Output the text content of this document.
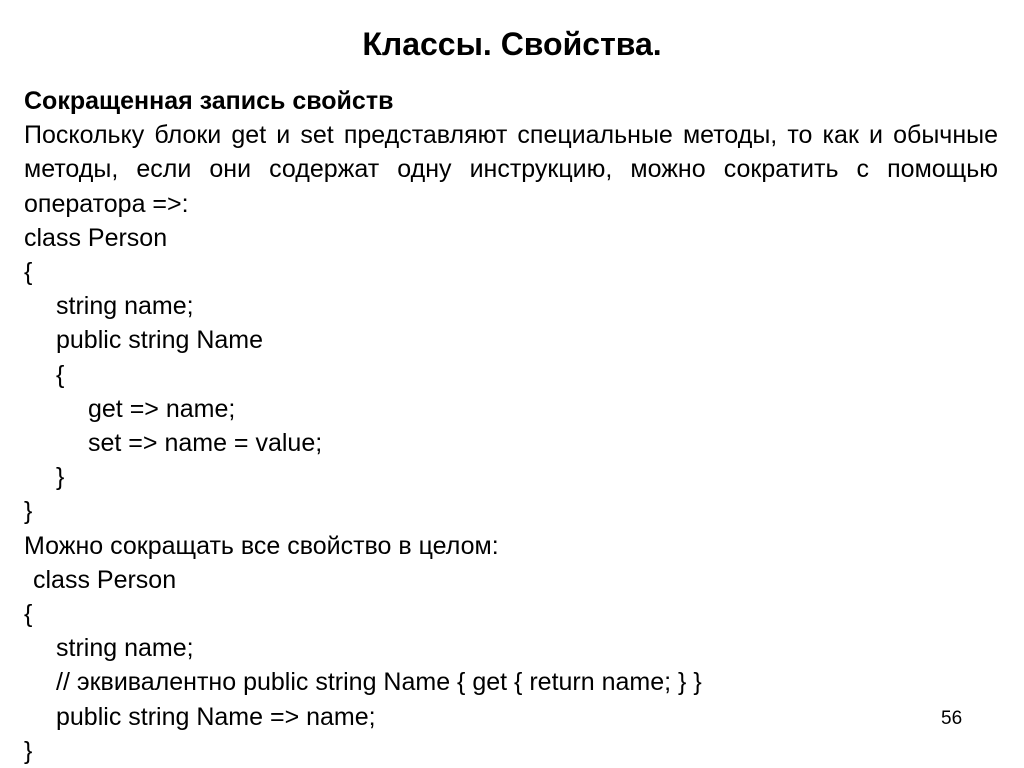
Классы. Свойства.
Сокращенная запись свойств
Поскольку блоки get и set представляют специальные методы, то как и обычные методы, если они содержат одну инструкцию, можно сократить с помощью оператора =>:
class Person
{
string name;
public string Name
{
get => name;
set => name = value;
}
}
Можно сокращать все свойство в целом:
class Person
{
string name;
// эквивалентно public string Name { get { return name; } }
public string Name => name;
}
56
